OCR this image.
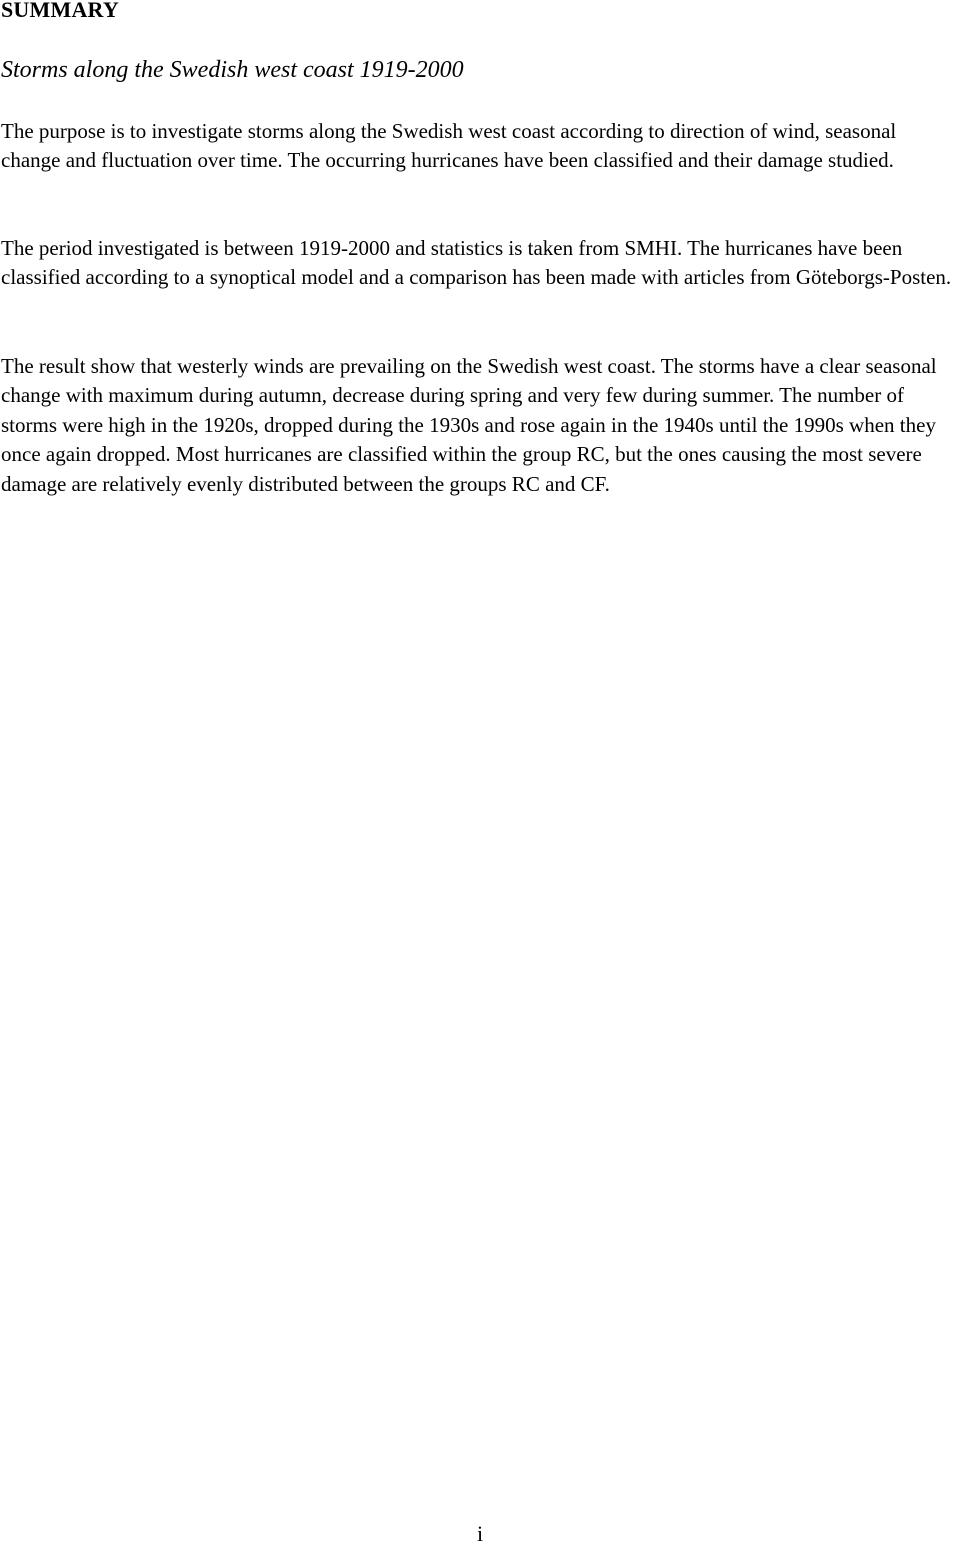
SUMMARY
Storms along the Swedish west coast 1919-2000

The purpose is to investigate storms along the Swedish west coast according to direction of wind, seasonal change and fluctuation over time. The occurring hurricanes have been classified and their damage studied.

The period investigated is between 1919-2000 and statistics is taken from SMHI. The hurricanes have been classified according to a synoptical model and a comparison has been made with articles from Göteborgs-Posten.

The result show that westerly winds are prevailing on the Swedish west coast. The storms have a clear seasonal change with maximum during autumn, decrease during spring and very few during summer. The number of storms were high in the 1920s, dropped during the 1930s and rose again in the 1940s until the 1990s when they once again dropped. Most hurricanes are classified within the group RC, but the ones causing the most severe damage are relatively evenly distributed between the groups RC and CF.

i
